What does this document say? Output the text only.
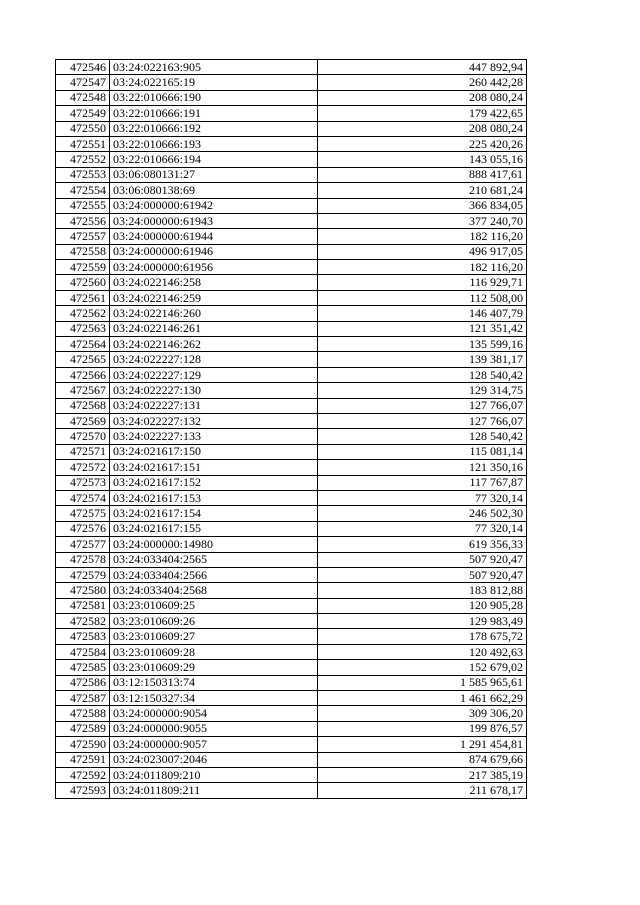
472546	03:24:022163:905	447 892,94
472547	03:24:022165:19	260 442,28
472548	03:22:010666:190	208 080,24
472549	03:22:010666:191	179 422,65
472550	03:22:010666:192	208 080,24
472551	03:22:010666:193	225 420,26
472552	03:22:010666:194	143 055,16
472553	03:06:080131:27	888 417,61
472554	03:06:080138:69	210 681,24
472555	03:24:000000:61942	366 834,05
472556	03:24:000000:61943	377 240,70
472557	03:24:000000:61944	182 116,20
472558	03:24:000000:61946	496 917,05
472559	03:24:000000:61956	182 116,20
472560	03:24:022146:258	116 929,71
472561	03:24:022146:259	112 508,00
472562	03:24:022146:260	146 407,79
472563	03:24:022146:261	121 351,42
472564	03:24:022146:262	135 599,16
472565	03:24:022227:128	139 381,17
472566	03:24:022227:129	128 540,42
472567	03:24:022227:130	129 314,75
472568	03:24:022227:131	127 766,07
472569	03:24:022227:132	127 766,07
472570	03:24:022227:133	128 540,42
472571	03:24:021617:150	115 081,14
472572	03:24:021617:151	121 350,16
472573	03:24:021617:152	117 767,87
472574	03:24:021617:153	77 320,14
472575	03:24:021617:154	246 502,30
472576	03:24:021617:155	77 320,14
472577	03:24:000000:14980	619 356,33
472578	03:24:033404:2565	507 920,47
472579	03:24:033404:2566	507 920,47
472580	03:24:033404:2568	183 812,88
472581	03:23:010609:25	120 905,28
472582	03:23:010609:26	129 983,49
472583	03:23:010609:27	178 675,72
472584	03:23:010609:28	120 492,63
472585	03:23:010609:29	152 679,02
472586	03:12:150313:74	1 585 965,61
472587	03:12:150327:34	1 461 662,29
472588	03:24:000000:9054	309 306,20
472589	03:24:000000:9055	199 876,57
472590	03:24:000000:9057	1 291 454,81
472591	03:24:023007:2046	874 679,66
472592	03:24:011809:210	217 385,19
472593	03:24:011809:211	211 678,17
